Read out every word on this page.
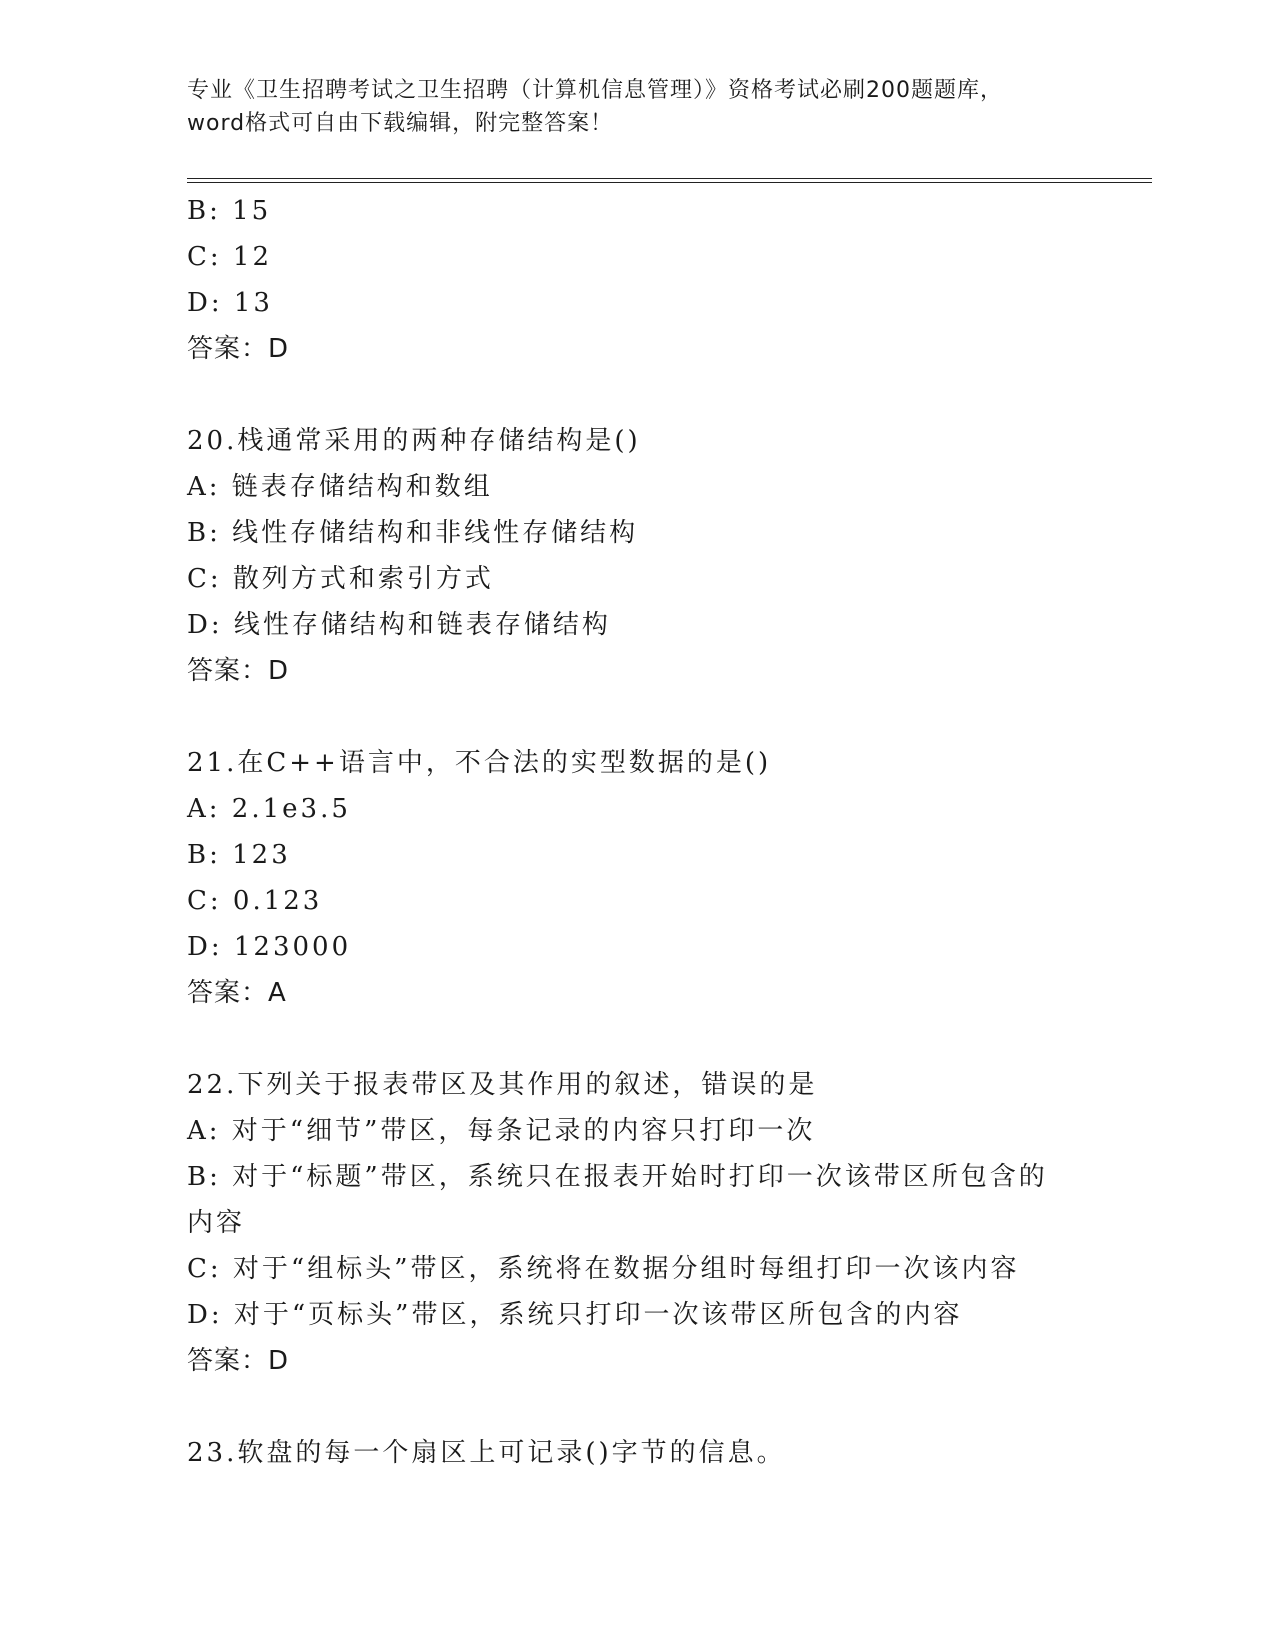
专业《卫生招聘考试之卫生招聘（计算机信息管理）》资格考试必刷200题题库，
word格式可自由下载编辑，附完整答案！
B: 15
C: 12
D: 13
答案：D
20.栈通常采用的两种存储结构是()
A: 链表存储结构和数组
B: 线性存储结构和非线性存储结构
C: 散列方式和索引方式
D: 线性存储结构和链表存储结构
答案：D
21.在C++语言中，不合法的实型数据的是()
A: 2.1e3.5
B: 123
C: 0.123
D: 123000
答案：A
22.下列关于报表带区及其作用的叙述，错误的是
A: 对于“细节”带区，每条记录的内容只打印一次
B: 对于“标题”带区，系统只在报表开始时打印一次该带区所包含的
内容
C: 对于“组标头”带区，系统将在数据分组时每组打印一次该内容
D: 对于“页标头”带区，系统只打印一次该带区所包含的内容
答案：D
23.软盘的每一个扇区上可记录()字节的信息。
